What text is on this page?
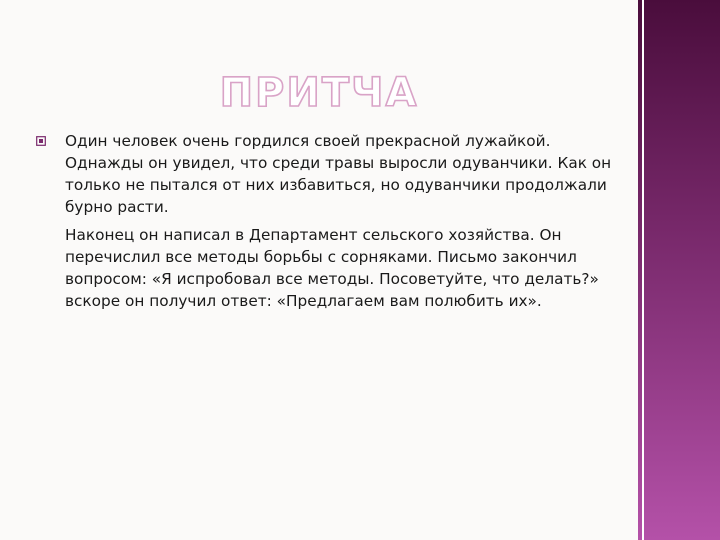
ПРИТЧА

Один человек очень гордился своей прекрасной лужайкой. Однажды он увидел, что среди травы выросли одуванчики. Как он только не пытался от них избавиться, но одуванчики продолжали бурно расти.

Наконец он написал в Департамент сельского хозяйства. Он перечислил все методы борьбы с сорняками. Письмо закончил вопросом: «Я испробовал все методы. Посоветуйте, что делать?» вскоре он получил ответ: «Предлагаем вам полюбить их».
